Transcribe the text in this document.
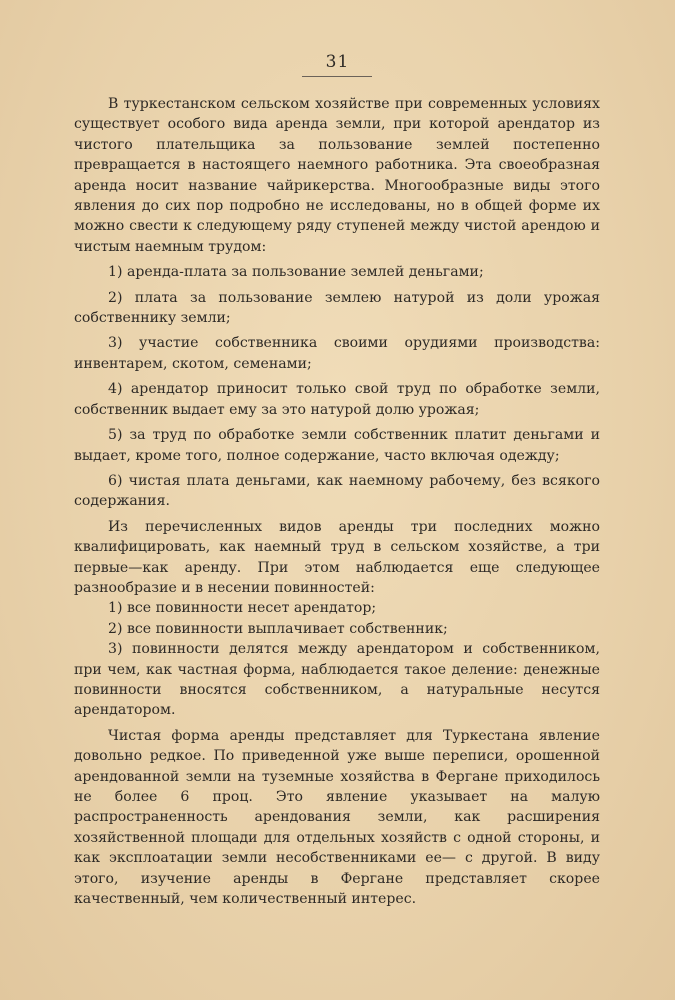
31

В туркестанском сельском хозяйстве при современных условиях существует особого вида аренда земли, при которой арендатор из чистого плательщика за пользование землей постепенно превращается в настоящего наемного работника. Эта своеобразная аренда носит название чайрикерства. Многообразные виды этого явления до сих пор подробно не исследованы, но в общей форме их можно свести к следующему ряду ступеней между чистой арендою и чистым наемным трудом:

1) аренда-плата за пользование землей деньгами;

2) плата за пользование землею натурой из доли урожая собственнику земли;

3) участие собственника своими орудиями производства: инвентарем, скотом, семенами;

4) арендатор приносит только свой труд по обработке земли, собственник выдает ему за это натурой долю урожая;

5) за труд по обработке земли собственник платит деньгами и выдает, кроме того, полное содержание, часто включая одежду;

6) чистая плата деньгами, как наемному рабочему, без всякого содержания.

Из перечисленных видов аренды три последних можно квалифицировать, как наемный труд в сельском хозяйстве, а три первые—как аренду. При этом наблюдается еще следующее разнообразие и в несении повинностей:

1) все повинности несет арендатор;

2) все повинности выплачивает собственник;

3) повинности делятся между арендатором и собственником, при чем, как частная форма, наблюдается такое деление: денежные повинности вносятся собственником, а натуральные несутся арендатором.

Чистая форма аренды представляет для Туркестана явление довольно редкое. По приведенной уже выше переписи, орошенной арендованной земли на туземные хозяйства в Фергане приходилось не более 6 проц. Это явление указывает на малую распространенность арендования земли, как расширения хозяйственной площади для отдельных хозяйств с одной стороны, и как эксплоатации земли несобственниками ее— с другой. В виду этого, изучение аренды в Фергане представляет скорее качественный, чем количественный интерес.
